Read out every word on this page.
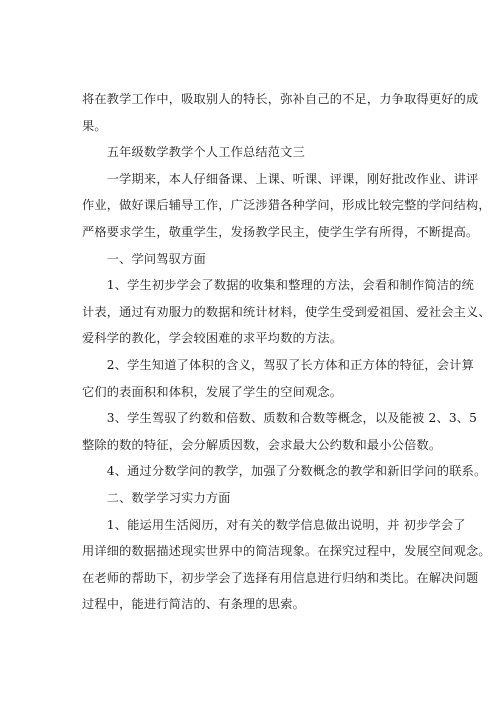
将在教学工作中，吸取别人的特长，弥补自己的不足，力争取得更好的成
果。

　　五年级数学教学个人工作总结范文三

　　一学期来，本人仔细备课、上课、听课、评课，刚好批改作业、讲评
作业，做好课后辅导工作，广泛涉猎各种学问，形成比较完整的学问结构，
严格要求学生，敬重学生，发扬教学民主，使学生学有所得，不断提高。

　　一、学问驾驭方面

　　1、学生初步学会了数据的收集和整理的方法，会看和制作简洁的统
计表，通过有劝服力的数据和统计材料，使学生受到爱祖国、爱社会主义、
爱科学的教化，学会较困难的求平均数的方法。

　　2、学生知道了体积的含义，驾驭了长方体和正方体的特征，会计算
它们的表面积和体积，发展了学生的空间观念。

　　3、学生驾驭了约数和倍数、质数和合数等概念，以及能被 2、3、5
整除的数的特征，会分解质因数，会求最大公约数和最小公倍数。

　　4、通过分数学问的教学，加强了分数概念的教学和新旧学问的联系。

　　二、数学学习实力方面

　　1、能运用生活阅历，对有关的数学信息做出说明，并 初步学会了
用详细的数据描述现实世界中的简洁现象。在探究过程中，发展空间观念。
在老师的帮助下，初步学会了选择有用信息进行归纳和类比。在解决问题
过程中，能进行简洁的、有条理的思索。
